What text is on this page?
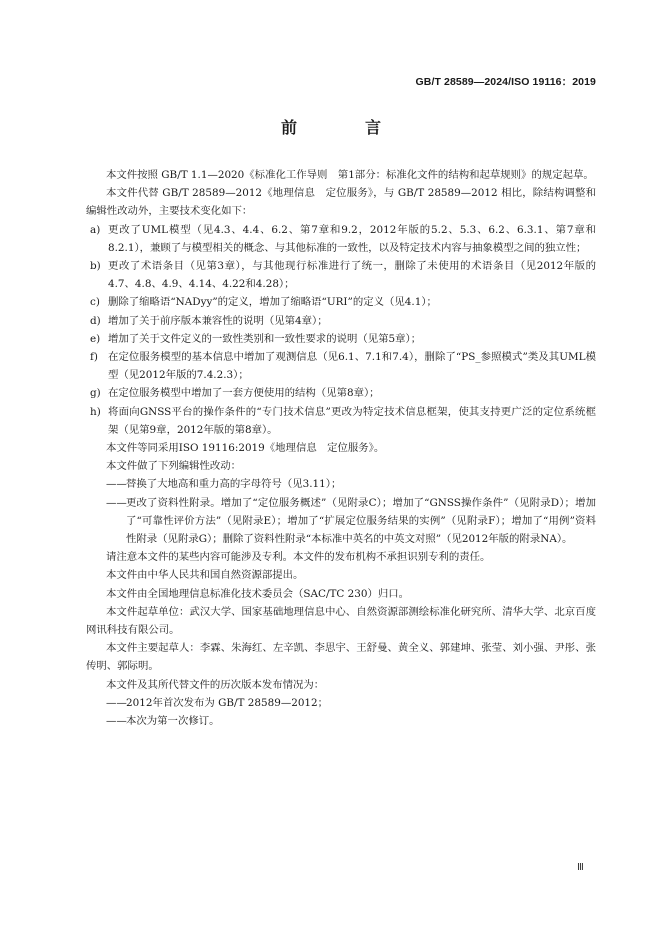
GB/T 28589—2024/ISO 19116：2019
前　言

本文件按照 GB/T 1.1—2020《标准化工作导则　第1部分：标准化文件的结构和起草规则》的规定起草。

本文件代替 GB/T 28589—2012《地理信息　定位服务》，与 GB/T 28589—2012 相比，除结构调整和编辑性改动外，主要技术变化如下：

a) 更改了UML模型（见4.3、4.4、6.2、第7章和9.2，2012年版的5.2、5.3、6.2、6.3.1、第7章和8.2.1），兼顾了与模型相关的概念、与其他标准的一致性，以及特定技术内容与抽象模型之间的独立性；

b) 更改了术语条目（见第3章），与其他现行标准进行了统一，删除了未使用的术语条目（见2012年版的4.7、4.8、4.9、4.14、4.22和4.28）；

c) 删除了缩略语“NADyy”的定义，增加了缩略语“URI”的定义（见4.1）；

d) 增加了关于前序版本兼容性的说明（见第4章）；

e) 增加了关于文件定义的一致性类别和一致性要求的说明（见第5章）；

f) 在定位服务模型的基本信息中增加了观测信息（见6.1、7.1和7.4），删除了“PS_参照模式”类及其UML模型（见2012年版的7.4.2.3）；

g) 在定位服务模型中增加了一套方便使用的结构（见第8章）；

h) 将面向GNSS平台的操作条件的“专门技术信息”更改为特定技术信息框架，使其支持更广泛的定位系统框架（见第9章，2012年版的第8章）。

本文件等同采用ISO 19116:2019《地理信息　定位服务》。

本文件做了下列编辑性改动：

—— 替换了大地高和重力高的字母符号（见3.11）；

—— 更改了资料性附录。增加了“定位服务概述”（见附录C）；增加了“GNSS操作条件”（见附录D）；增加了“可靠性评价方法”（见附录E）；增加了“扩展定位服务结果的实例”（见附录F）；增加了“用例”资料性附录（见附录G）；删除了资料性附录“本标准中英名的中英文对照”（见2012年版的附录NA）。

请注意本文件的某些内容可能涉及专利。本文件的发布机构不承担识别专利的责任。

本文件由中华人民共和国自然资源部提出。

本文件由全国地理信息标准化技术委员会（SAC/TC 230）归口。

本文件起草单位：武汉大学、国家基础地理信息中心、自然资源部测绘标准化研究所、清华大学、北京百度网讯科技有限公司。

本文件主要起草人：李霖、朱海红、左辛凯、李思宇、王舒曼、黄全义、郭建坤、张莹、刘小强、尹彤、张传明、郭际明。

本文件及其所代替文件的历次版本发布情况为：

—— 2012年首次发布为 GB/T 28589—2012；

—— 本次为第一次修订。

Ⅲ
